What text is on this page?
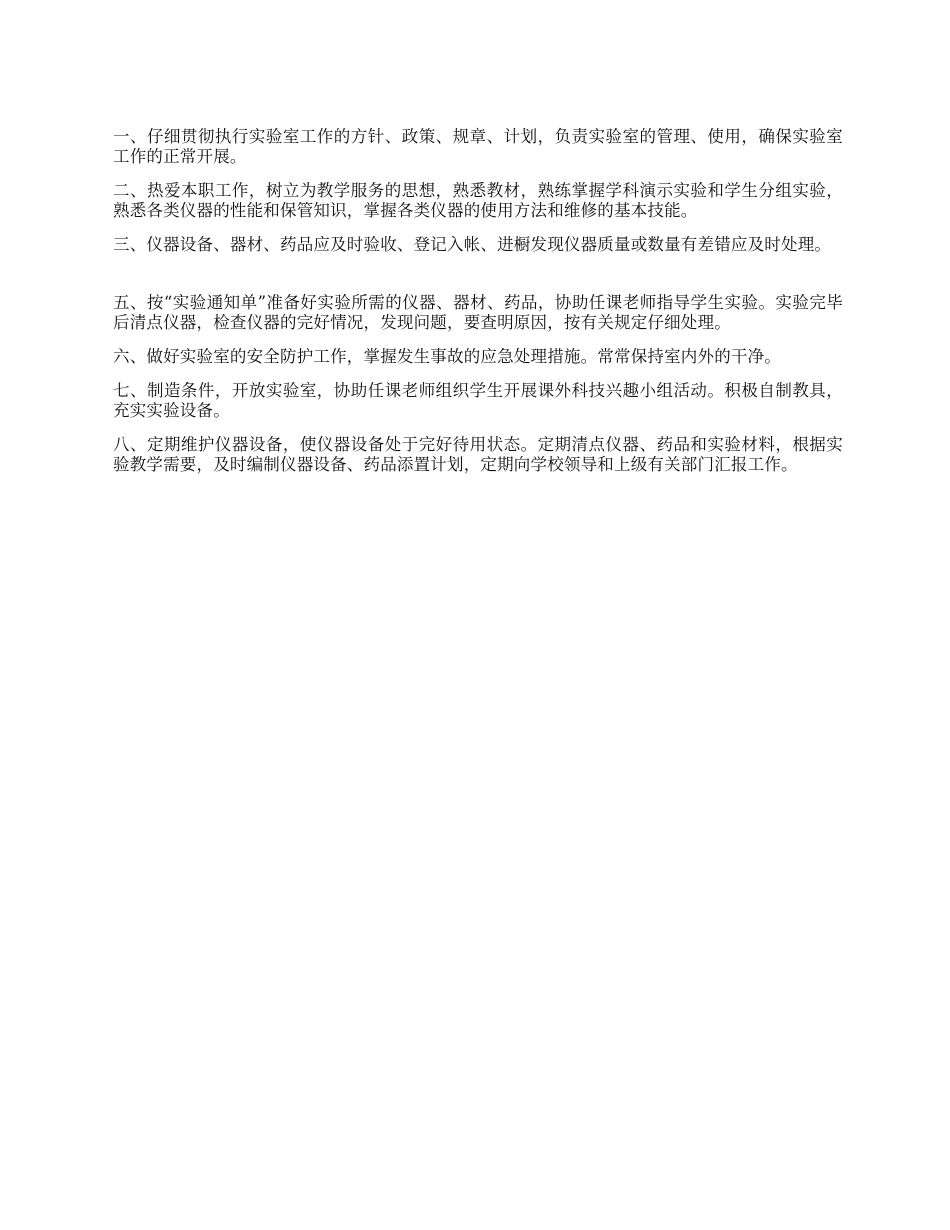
一、仔细贯彻执行实验室工作的方针、政策、规章、计划，负责实验室的管理、使用，确保实验室工作的正常开展。

二、热爱本职工作，树立为教学服务的思想，熟悉教材，熟练掌握学科演示实验和学生分组实验，熟悉各类仪器的性能和保管知识，掌握各类仪器的使用方法和维修的基本技能。

三、仪器设备、器材、药品应及时验收、登记入帐、进橱发现仪器质量或数量有差错应及时处理。

五、按“实验通知单”准备好实验所需的仪器、器材、药品，协助任课老师指导学生实验。实验完毕后清点仪器，检查仪器的完好情况，发现问题，要查明原因，按有关规定仔细处理。

六、做好实验室的安全防护工作，掌握发生事故的应急处理措施。常常保持室内外的干净。

七、制造条件，开放实验室，协助任课老师组织学生开展课外科技兴趣小组活动。积极自制教具，充实实验设备。

八、定期维护仪器设备，使仪器设备处于完好待用状态。定期清点仪器、药品和实验材料，根据实验教学需要，及时编制仪器设备、药品添置计划，定期向学校领导和上级有关部门汇报工作。
